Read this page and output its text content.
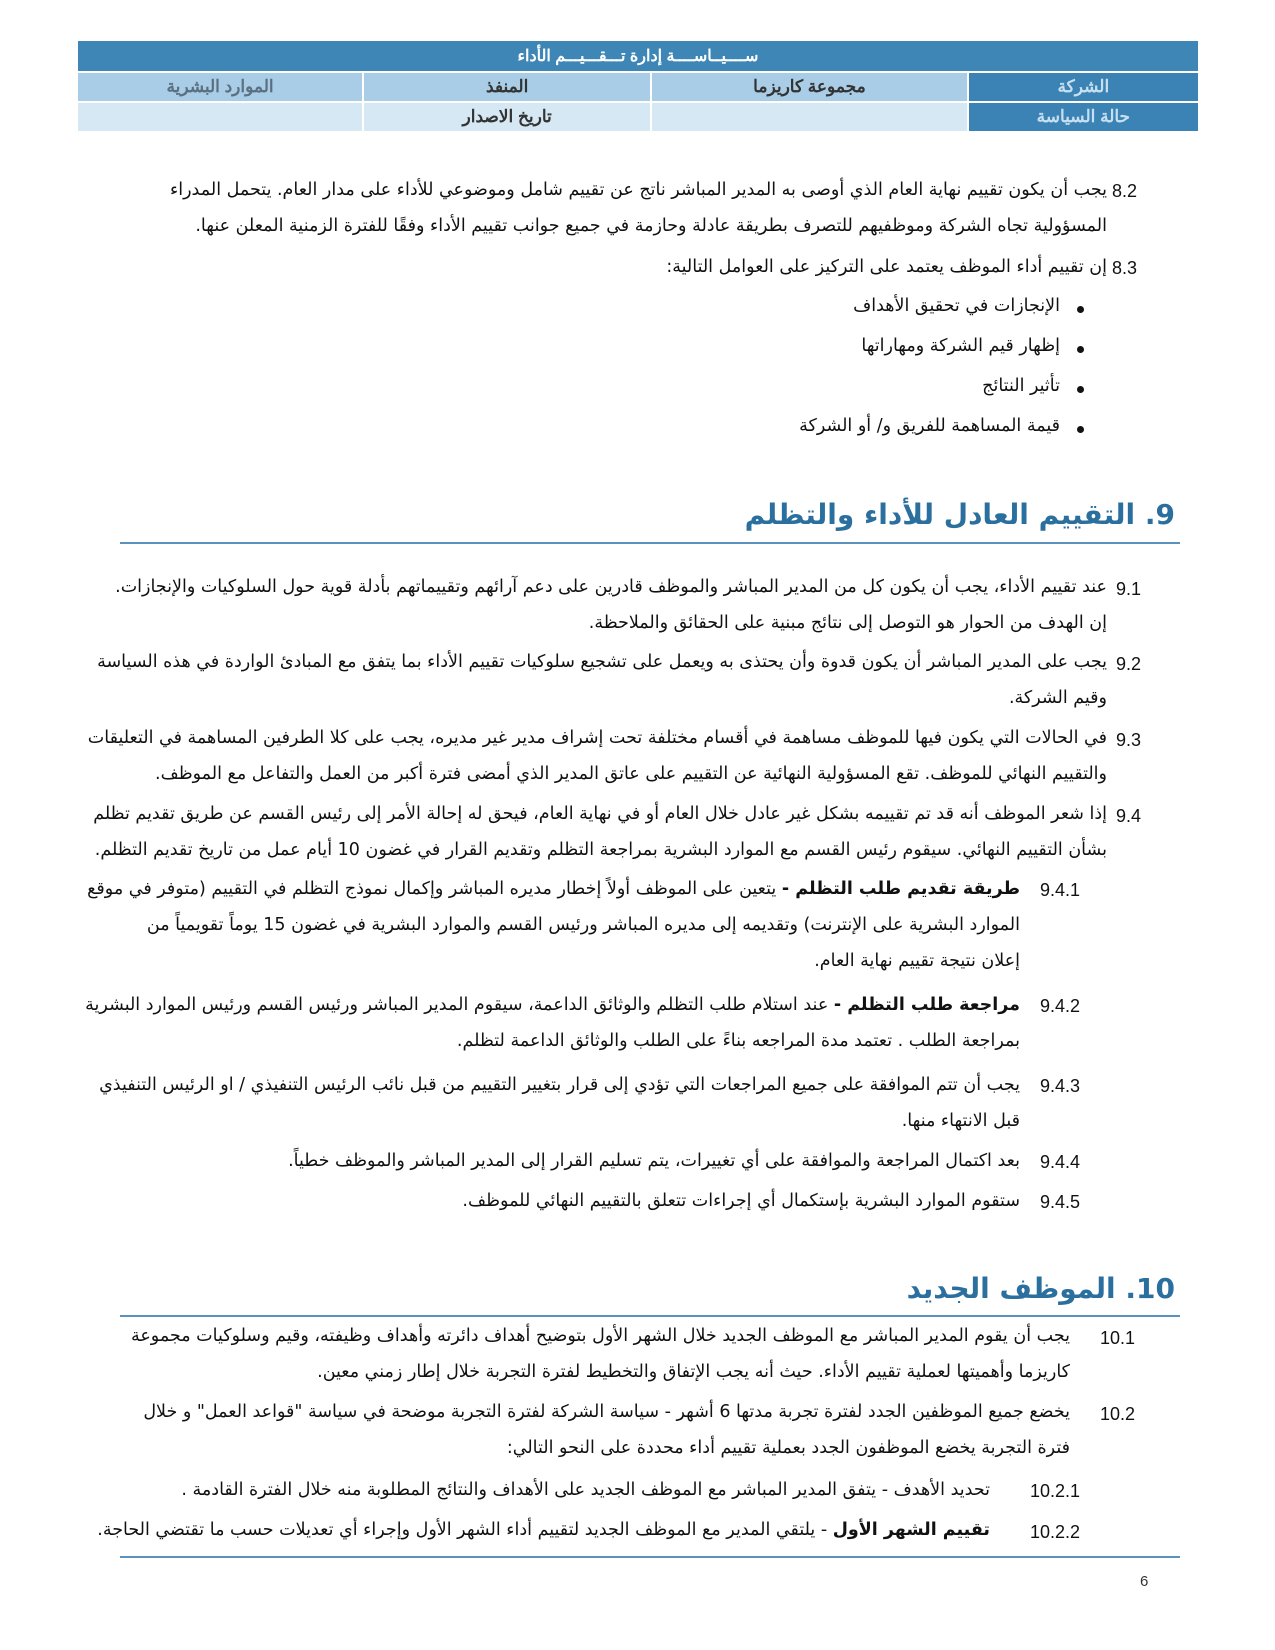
ســــيــاســــة إدارة تـــقـــيـــم الأداء			
الشركة	مجموعة كاريزما	المنفذ	الموارد البشرية
حالة السياسة		تاريخ الاصدار	
8.2
يجب أن يكون تقييم نهاية العام الذي أوصى به المدير المباشر ناتج عن تقييم شامل وموضوعي للأداء على مدار العام. يتحمل المدراء
المسؤولية تجاه الشركة وموظفيهم للتصرف بطريقة عادلة وحازمة في جميع جوانب تقييم الأداء وفقًا للفترة الزمنية المعلن عنها.
8.3
إن تقييم أداء الموظف يعتمد على التركيز على العوامل التالية:
الإنجازات في تحقيق الأهداف
إظهار قيم الشركة ومهاراتها
تأثير النتائج
قيمة المساهمة للفريق و/ أو الشركة
9. التقييم العادل للأداء والتظلم
9.1
عند تقييم الأداء، يجب أن يكون كل من المدير المباشر والموظف قادرين على دعم آرائهم وتقييماتهم بأدلة قوية حول السلوكيات والإنجازات.
إن الهدف من الحوار هو التوصل إلى نتائج مبنية على الحقائق والملاحظة.
9.2
يجب على المدير المباشر أن يكون قدوة وأن يحتذى به ويعمل على تشجيع سلوكيات تقييم الأداء بما يتفق مع المبادئ الواردة في هذه السياسة
وقيم الشركة.
9.3
في الحالات التي يكون فيها للموظف مساهمة في أقسام مختلفة تحت إشراف مدير غير مديره، يجب على كلا الطرفين المساهمة في التعليقات
والتقييم النهائي للموظف. تقع المسؤولية النهائية عن التقييم على عاتق المدير الذي أمضى فترة أكبر من العمل والتفاعل مع الموظف.
9.4
إذا شعر الموظف أنه قد تم تقييمه بشكل غير عادل خلال العام أو في نهاية العام، فيحق له إحالة الأمر إلى رئيس القسم عن طريق تقديم تظلم
بشأن التقييم النهائي. سيقوم رئيس القسم مع الموارد البشرية بمراجعة التظلم وتقديم القرار في غضون 10 أيام عمل من تاريخ تقديم التظلم.
9.4.1
طريقة تقديم طلب التظلم - يتعين على الموظف أولاً إخطار مديره المباشر وإكمال نموذج التظلم في التقييم (متوفر في موقع
الموارد البشرية على الإنترنت) وتقديمه إلى مديره المباشر ورئيس القسم والموارد البشرية في غضون 15 يوماً تقويمياً من
إعلان نتيجة تقييم نهاية العام.
9.4.2
مراجعة طلب التظلم - عند استلام طلب التظلم والوثائق الداعمة، سيقوم المدير المباشر ورئيس القسم ورئيس الموارد البشرية
بمراجعة الطلب . تعتمد مدة المراجعه بناءً على الطلب والوثائق الداعمة لتظلم.
9.4.3
يجب أن تتم الموافقة على جميع المراجعات التي تؤدي إلى قرار بتغيير التقييم من قبل نائب الرئيس التنفيذي / او الرئيس التنفيذي
قبل الانتهاء منها.
9.4.4
بعد اكتمال المراجعة والموافقة على أي تغييرات، يتم تسليم القرار إلى المدير المباشر والموظف خطياً.
9.4.5
ستقوم الموارد البشرية بإستكمال أي إجراءات تتعلق بالتقييم النهائي للموظف.
10. الموظف الجديد
10.1
يجب أن يقوم المدير المباشر مع الموظف الجديد خلال الشهر الأول بتوضيح أهداف دائرته وأهداف وظيفته، وقيم وسلوكيات مجموعة
كاريزما وأهميتها لعملية تقييم الأداء. حيث أنه يجب الإتفاق والتخطيط لفترة التجربة خلال إطار زمني معين.
10.2
يخضع جميع الموظفين الجدد لفترة تجربة مدتها 6 أشهر - سياسة الشركة لفترة التجربة موضحة في سياسة "قواعد العمل" و خلال
فترة التجربة يخضع الموظفون الجدد بعملية تقييم أداء محددة على النحو التالي:
10.2.1
تحديد الأهدف - يتفق المدير المباشر مع الموظف الجديد على الأهداف والنتائج المطلوبة منه خلال الفترة القادمة .
10.2.2
تقييم الشهر الأول - يلتقي المدير مع الموظف الجديد لتقييم أداء الشهر الأول وإجراء أي تعديلات حسب ما تقتضي الحاجة.
6
